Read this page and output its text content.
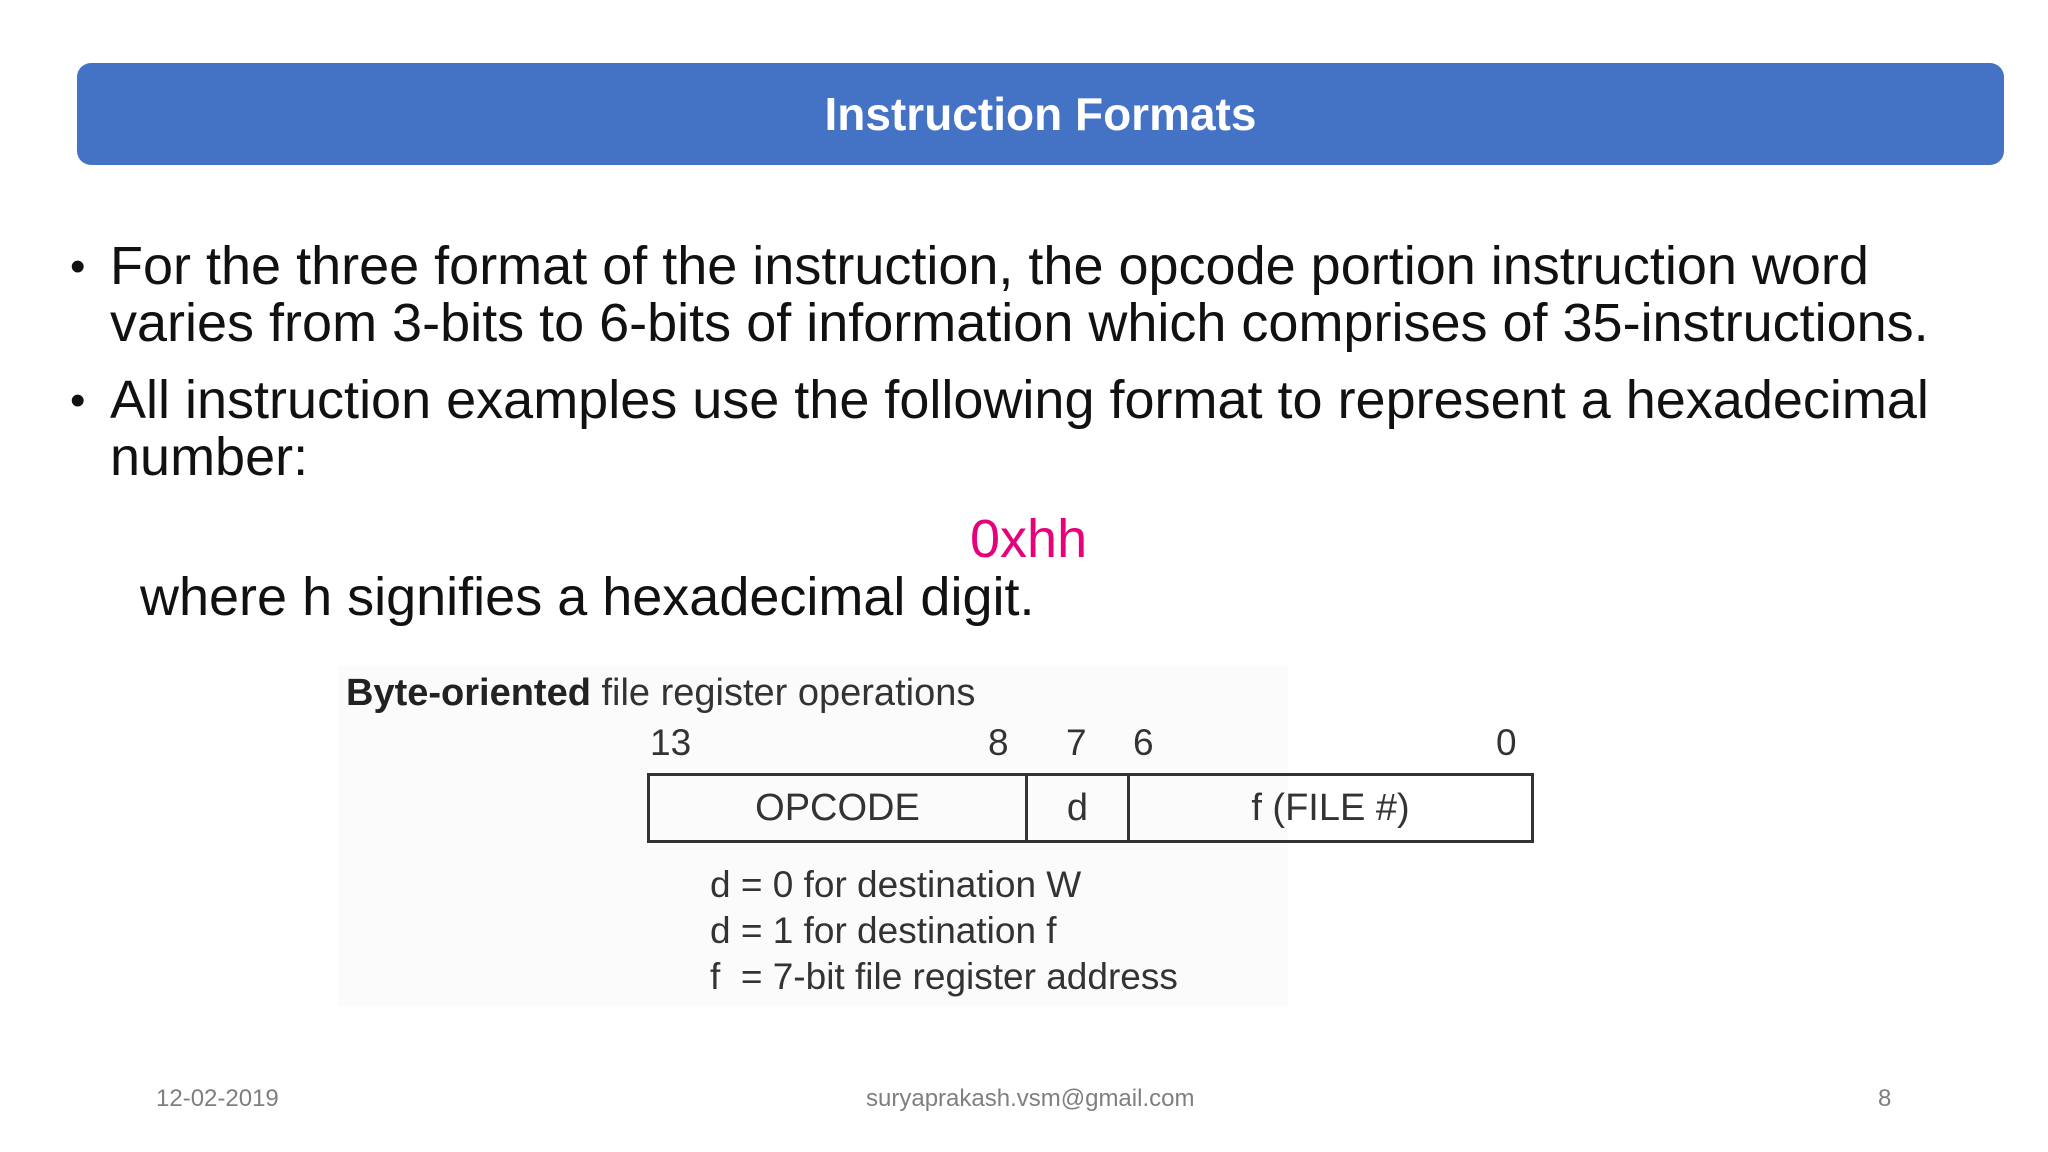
Instruction Formats
• For the three format of the instruction, the opcode portion instruction word varies from 3-bits to 6-bits of information which comprises of 35-instructions.
• All instruction examples use the following format to represent a hexadecimal number:
0xhh
where h signifies a hexadecimal digit.
Byte-oriented file register operations
13	8 7 6	0
OPCODE	d	f (FILE #)
d = 0 for destination W
d = 1 for destination f
f  = 7-bit file register address
12-02-2019	suryaprakash.vsm@gmail.com	8
